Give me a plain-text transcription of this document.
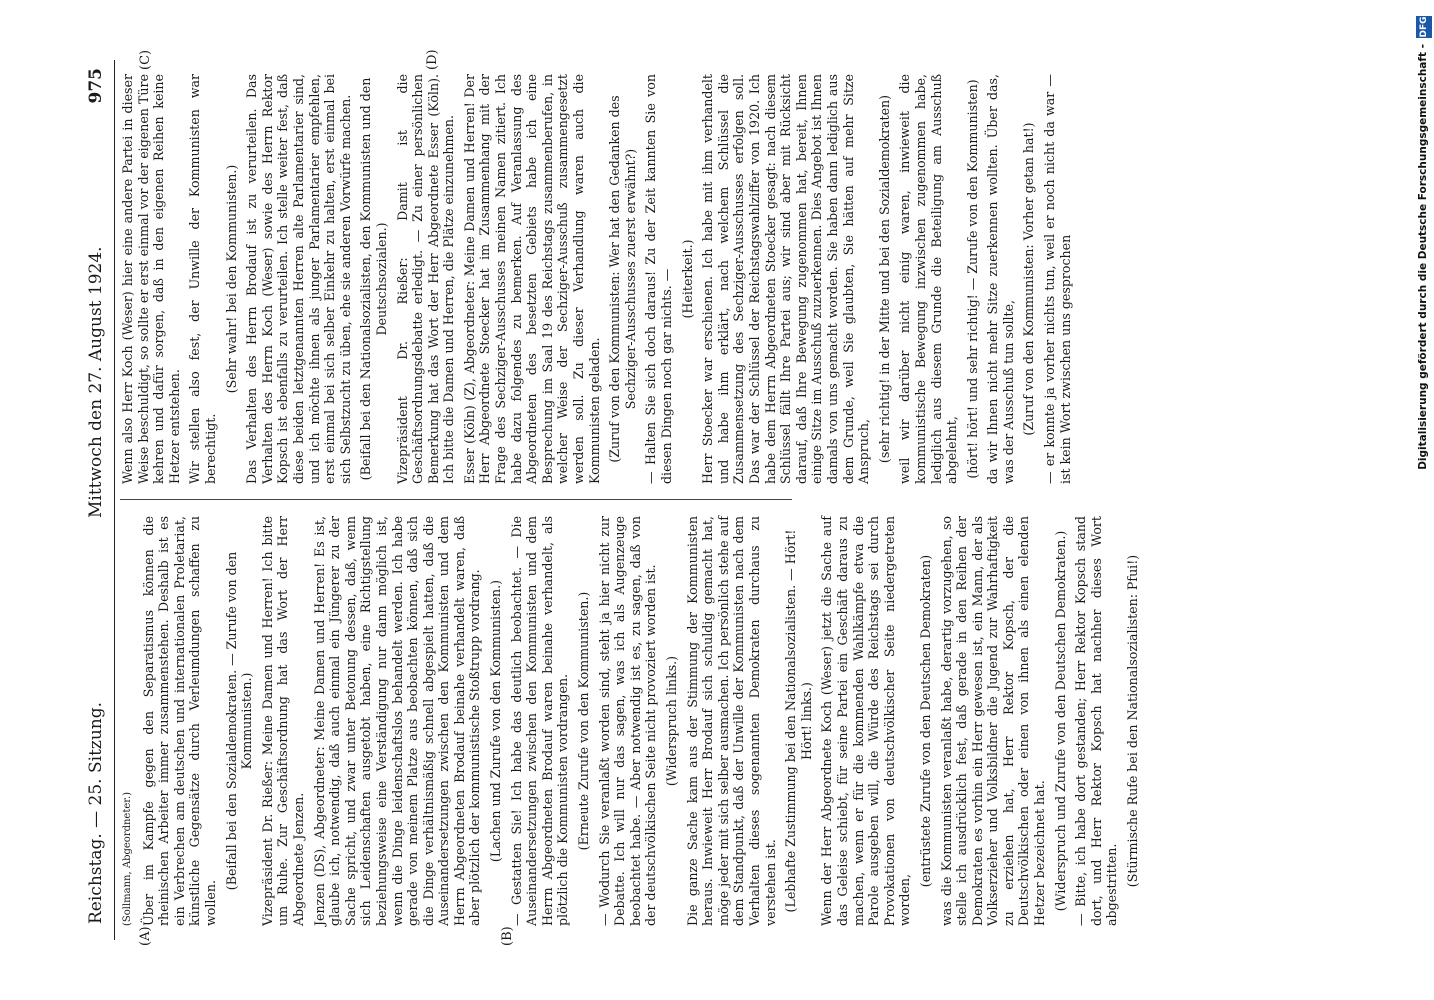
Reichstag. — 25. Sitzung.
Mittwoch den 27. August 1924.
975
(A)	(B)
(C)	(D)

(Sollmann, Abgeordneter.) Über im Kampfe gegen den Separatismus können die rheinischen Arbeiter immer zusammenstehen. Deshalb ist es ein Verbrechen am deutschen und internationalen Proletariat, künstliche Gegensätze durch Verleumdungen schaffen zu wollen.

(Beifall bei den Sozialdemokraten. — Zurufe von den Kommunisten.) Vizepräsident Dr. Rießer: Meine Damen und Herren! Ich bitte um Ruhe. Zur Geschäftsordnung hat das Wort der Herr Abgeordnete Jenzen. Jenzen (DS), Abgeordneter: Meine Damen und Herren! Es ist, glaube ich, notwendig, daß auch einmal ein Jüngerer zu der Sache spricht, und zwar unter Betonung dessen, daß, wenn sich Leidenschaften ausgetobt haben, eine Richtigstellung beziehungsweise eine Verständigung nur dann möglich ist, wenn die Dinge leidenschaftslos behandelt werden. Ich habe gerade von meinem Platze aus beobachten können, daß sich die Dinge verhältnismäßig schnell abgespielt hatten, daß die Auseinandersetzungen zwischen den Kommunisten und dem Herrn Abgeordneten Brodauf beinahe verhandelt waren, daß aber plötzlich der kommunistische Stoßtrupp vordrang. (Lachen und Zurufe von den Kommunisten.) — Gestatten Sie! Ich habe das deutlich beobachtet. — Die Auseinandersetzungen zwischen den Kommunisten und dem Herrn Abgeordneten Brodauf waren beinahe verhandelt, als plötzlich die Kommunisten vordrangen. (Erneute Zurufe von den Kommunisten.) — Wodurch Sie veranlaßt worden sind, steht ja hier nicht zur Debatte. Ich will nur das sagen, was ich als Augenzeuge beobachtet habe. — Aber notwendig ist es, zu sagen, daß von der deutschvölkischen Seite nicht provoziert worden ist. (Widerspruch links.) Die ganze Sache kam aus der Stimmung der Kommunisten heraus. Inwieweit Herr Brodauf sich schuldig gemacht hat, möge jeder mit sich selber ausmachen. Ich persönlich stehe auf dem Standpunkt, daß der Unwille der Kommunisten nach dem Verhalten dieses sogenannten Demokraten durchaus zu verstehen ist. (Lebhafte Zustimmung bei den Nationalsozialisten. — Hört! Hört! links.) Wenn der Herr Abgeordnete Koch (Weser) jetzt die Sache auf das Geleise schiebt, für seine Partei ein Geschäft daraus zu machen, wenn er für die kommenden Wahlkämpfe etwa die Parole ausgeben will, die Würde des Reichstags sei durch Provokationen von deutschvölkischer Seite niedergetreten worden,

(entrüstete Zurufe von den Deutschen Demokraten) was die Kommunisten veranlaßt habe, derartig vorzugehen, so stelle ich ausdrücklich fest, daß gerade in den Reihen der Demokraten es vorhin ein Herr gewesen ist, ein Mann, der als Volkserzieher und Volksbildner die Jugend zur Wahrhaftigkeit zu erziehen hat, Herr Rektor Kopsch, der die Deutschvölkischen oder einen von ihnen als einen elenden Hetzer bezeichnet hat. (Widerspruch und Zurufe von den Deutschen Demokraten.) — Bitte, ich habe dort gestanden; Herr Rektor Kopsch stand dort, und Herr Rektor Kopsch hat nachher dieses Wort abgestritten. (Stürmische Rufe bei den Nationalsozialisten: Pfui!)

Wenn also Herr Koch (Weser) hier eine andere Partei in dieser Weise beschuldigt, so sollte er erst einmal vor der eigenen Türe kehren und dafür sorgen, daß in den eigenen Reihen keine Hetzer entstehen. Wir stellen also fest, der Unwille der Kommunisten war berechtigt.

(Sehr wahr! bei den Kommunisten.) Das Verhalten des Herrn Brodauf ist zu verurteilen. Das Verhalten des Herrn Koch (Weser) sowie des Herrn Rektor Kopsch ist ebenfalls zu verurteilen. Ich stelle weiter fest, daß diese beiden letztgenannten Herren alte Parlamentarier sind, und ich möchte ihnen als junger Parlamentarier empfehlen, erst einmal bei sich selber Einkehr zu halten, erst einmal bei sich Selbstzucht zu üben, ehe sie anderen Vorwürfe machen. (Beifall bei den Nationalsozialisten, den Kommunisten und den Deutschsozialen.) Vizepräsident Dr. Rießer: Damit ist die Geschäftsordnungsdebatte erledigt. — Zu einer persönlichen Bemerkung hat das Wort der Herr Abgeordnete Esser (Köln). Ich bitte die Damen und Herren, die Plätze einzunehmen. Esser (Köln) (Z), Abgeordneter: Meine Damen und Herren! Der Herr Abgeordnete Stoecker hat im Zusammenhang mit der Frage des Sechziger-Ausschusses meinen Namen zitiert. Ich habe dazu folgendes zu bemerken. Auf Veranlassung des Abgeordneten des besetzten Gebiets habe ich eine Besprechung im Saal 19 des Reichstags zusammenberufen, in welcher Weise der Sechziger-Ausschuß zusammengesetzt werden soll. Zu dieser Verhandlung waren auch die Kommunisten geladen. (Zuruf von den Kommunisten: Wer hat den Gedanken des Sechziger-Ausschusses zuerst erwähnt?) — Halten Sie sich doch daraus! Zu der Zeit kannten Sie von diesen Dingen noch gar nichts. — (Heiterkeit.) Herr Stoecker war erschienen. Ich habe mit ihm verhandelt und habe ihm erklärt, nach welchem Schlüssel die Zusammensetzung des Sechziger-Ausschusses erfolgen soll. Das war der Schlüssel der Reichstagswahlziffer von 1920. Ich habe dem Herrn Abgeordneten Stoecker gesagt: nach diesem Schlüssel fällt Ihre Partei aus; wir sind aber mit Rücksicht darauf, daß Ihre Bewegung zugenommen hat, bereit, Ihnen einige Sitze im Ausschuß zuzuerkennen. Dies Angebot ist Ihnen damals von uns gemacht worden. Sie haben dann lediglich aus dem Grunde, weil Sie glaubten, Sie hätten auf mehr Sitze Anspruch, (sehr richtig! in der Mitte und bei den Sozialdemokraten) weil wir darüber nicht einig waren, inwieweit die kommunistische Bewegung inzwischen zugenommen habe, lediglich aus diesem Grunde die Beteiligung am Ausschuß abgelehnt, (hört! hört! und sehr richtig! — Zurufe von den Kommunisten) da wir Ihnen nicht mehr Sitze zuerkennen wollten. Über das, was der Ausschuß tun sollte, (Zuruf von den Kommunisten: Vorher getan hat!) — er konnte ja vorher nichts tun, weil er noch nicht da war — ist kein Wort zwischen uns gesprochen	Digitalisierung gefördert durch die Deutsche Forschungsgemeinschaft -
DFG
